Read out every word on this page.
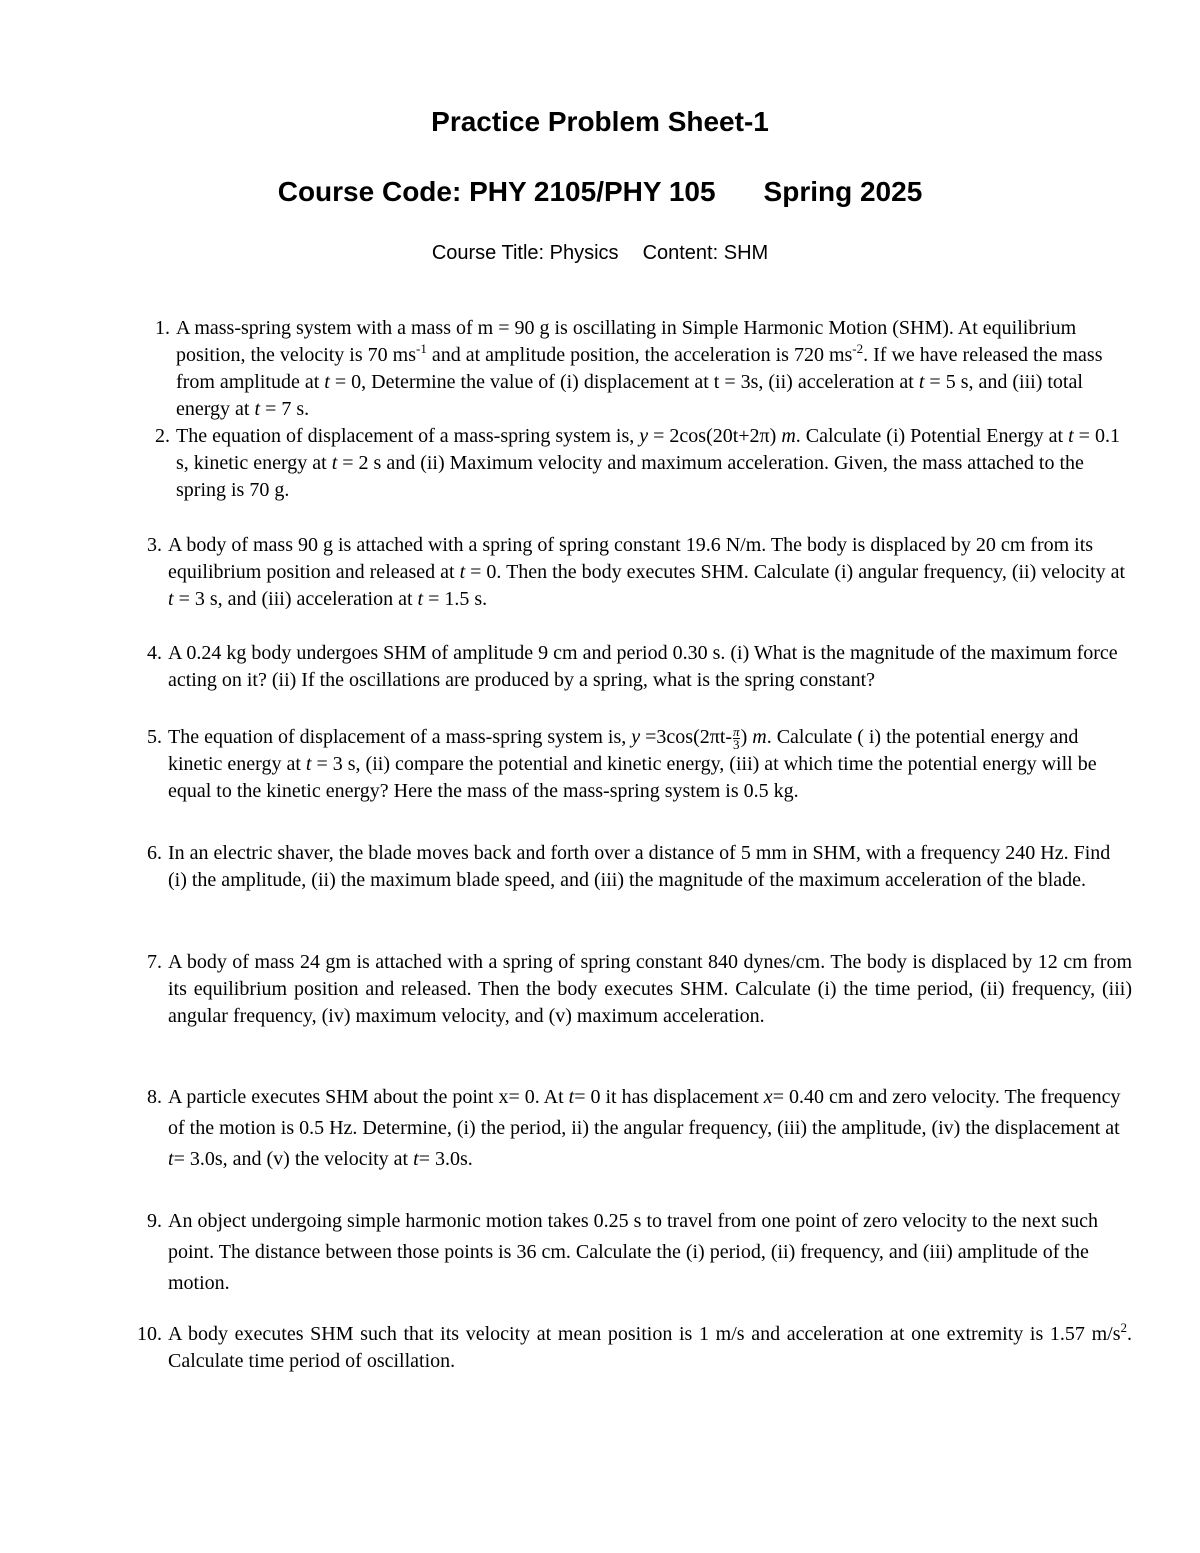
Practice Problem Sheet-1
Course Code: PHY 2105/PHY 105 Spring 2025
Course Title: Physics Content: SHM
1. A mass-spring system with a mass of m = 90 g is oscillating in Simple Harmonic Motion (SHM). At equilibrium position, the velocity is 70 $ms^{-1}$ and at amplitude position, the acceleration is 720 $ms^{-2}$. If we have released the mass from amplitude at t = 0, Determine the value of (i) displacement at t = 3s, (ii) acceleration at t = 5 s, and (iii) total energy at t = 7 s.
2. The equation of displacement of a mass-spring system is, y = 2cos(20t+2π) m. Calculate (i) Potential Energy at t = 0.1 s, kinetic energy at t = 2 s and (ii) Maximum velocity and maximum acceleration. Given, the mass attached to the spring is 70 g.
3. A body of mass 90 g is attached with a spring of spring constant 19.6 N/m. The body is displaced by 20 cm from its equilibrium position and released at t = 0. Then the body executes SHM. Calculate (i) angular frequency, (ii) velocity at t = 3 s, and (iii) acceleration at t = 1.5 s.
4. A 0.24 kg body undergoes SHM of amplitude 9 cm and period 0.30 s. (i) What is the magnitude of the maximum force acting on it? (ii) If the oscillations are produced by a spring, what is the spring constant?
5. The equation of displacement of a mass-spring system is, $y =3\cos(2\pi t- \frac{\pi}{3}$ ) m. Calculate ( i) the potential energy and kinetic energy at t = 3 s, (ii) compare the potential and kinetic energy, (iii) at which time the potential energy will be equal to the kinetic energy? Here the mass of the mass-spring system is 0.5 kg.
6. In an electric shaver, the blade moves back and forth over a distance of 5 mm in SHM, with a frequency 240 Hz. Find (i) the amplitude, (ii) the maximum blade speed, and (iii) the magnitude of the maximum acceleration of the blade.
7. A body of mass 24 gm is attached with a spring of spring constant 840 dynes/cm. The body is displaced by 12 cm from its equilibrium position and released. Then the body executes SHM. Calculate (i) the time period, (ii) frequency, (iii) angular frequency, (iv) maximum velocity, and (v) maximum acceleration.
8. A particle executes SHM about the point x= 0. At t= 0 it has displacement x= 0.40 cm and zero velocity. The frequency of the motion is 0.5 Hz. Determine, (i) the period, ii) the angular frequency, (iii) the amplitude, (iv) the displacement at t= 3.0s, and (v) the velocity at t= 3.0s.
9. An object undergoing simple harmonic motion takes 0.25 s to travel from one point of zero velocity to the next such point. The distance between those points is 36 cm. Calculate the (i) period, (ii) frequency, and (iii) amplitude of the motion.
10. A body executes SHM such that its velocity at mean position is 1 m/s and acceleration at one extremity is 1.57 $m/s^2$. Calculate time period of oscillation.
